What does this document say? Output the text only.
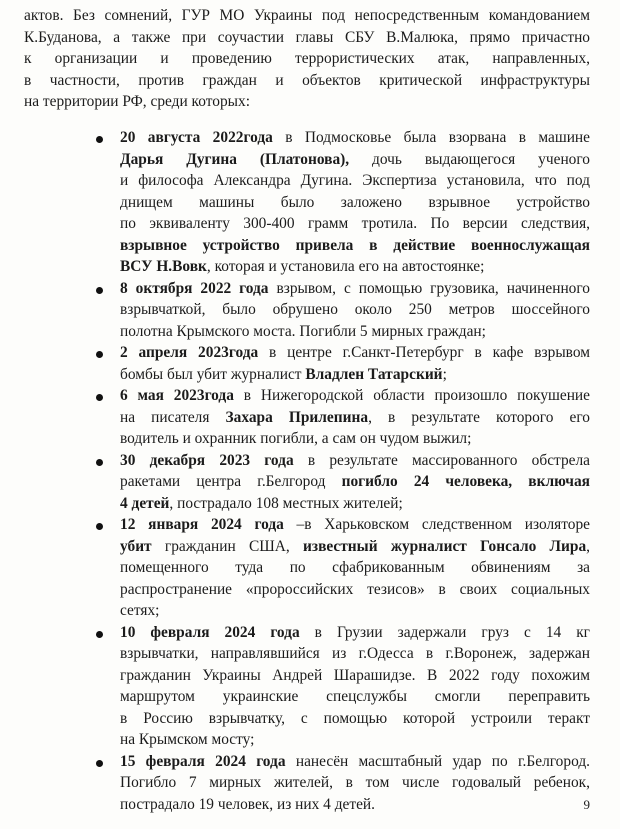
актов. Без сомнений, ГУР МО Украины под непосредственным командованием
К.Буданова, а также при соучастии главы СБУ В.Малюка, прямо причастно
к организации и проведению террористических атак, направленных,
в частности, против граждан и объектов критической инфраструктуры
на территории РФ, среди которых:
20 августа 2022года в Подмосковье была взорвана в машине
Дарья Дугина (Платонова), дочь выдающегося ученого
и философа Александра Дугина. Экспертиза установила, что под
днищем машины было заложено взрывное устройство
по эквиваленту 300-400 грамм тротила. По версии следствия,
взрывное устройство привела в действие военнослужащая
ВСУ Н.Вовк, которая и установила его на автостоянке;
8 октября 2022 года взрывом, с помощью грузовика, начиненного
взрывчаткой, было обрушено около 250 метров шоссейного
полотна Крымского моста. Погибли 5 мирных граждан;
2 апреля 2023года в центре г.Санкт-Петербург в кафе взрывом
бомбы был убит журналист Владлен Татарский;
6 мая 2023года в Нижегородской области произошло покушение
на писателя Захара Прилепина, в результате которого его
водитель и охранник погибли, а сам он чудом выжил;
30 декабря 2023 года в результате массированного обстрела
ракетами центра г.Белгород погибло 24 человека, включая
4 детей, пострадало 108 местных жителей;
12 января 2024 года –в Харьковском следственном изоляторе
убит гражданин США, известный журналист Гонсало Лира,
помещенного туда по сфабрикованным обвинениям за
распространение «пророссийских тезисов» в своих социальных
сетях;
10 февраля 2024 года в Грузии задержали груз с 14 кг
взрывчатки, направлявшийся из г.Одесса в г.Воронеж, задержан
гражданин Украины Андрей Шарашидзе. В 2022 году похожим
маршрутом украинские спецслужбы смогли переправить
в Россию взрывчатку, с помощью которой устроили теракт
на Крымском мосту;
15 февраля 2024 года нанесён масштабный удар по г.Белгород.
Погибло 7 мирных жителей, в том числе годовалый ребенок,
пострадало 19 человек, из них 4 детей.	9
